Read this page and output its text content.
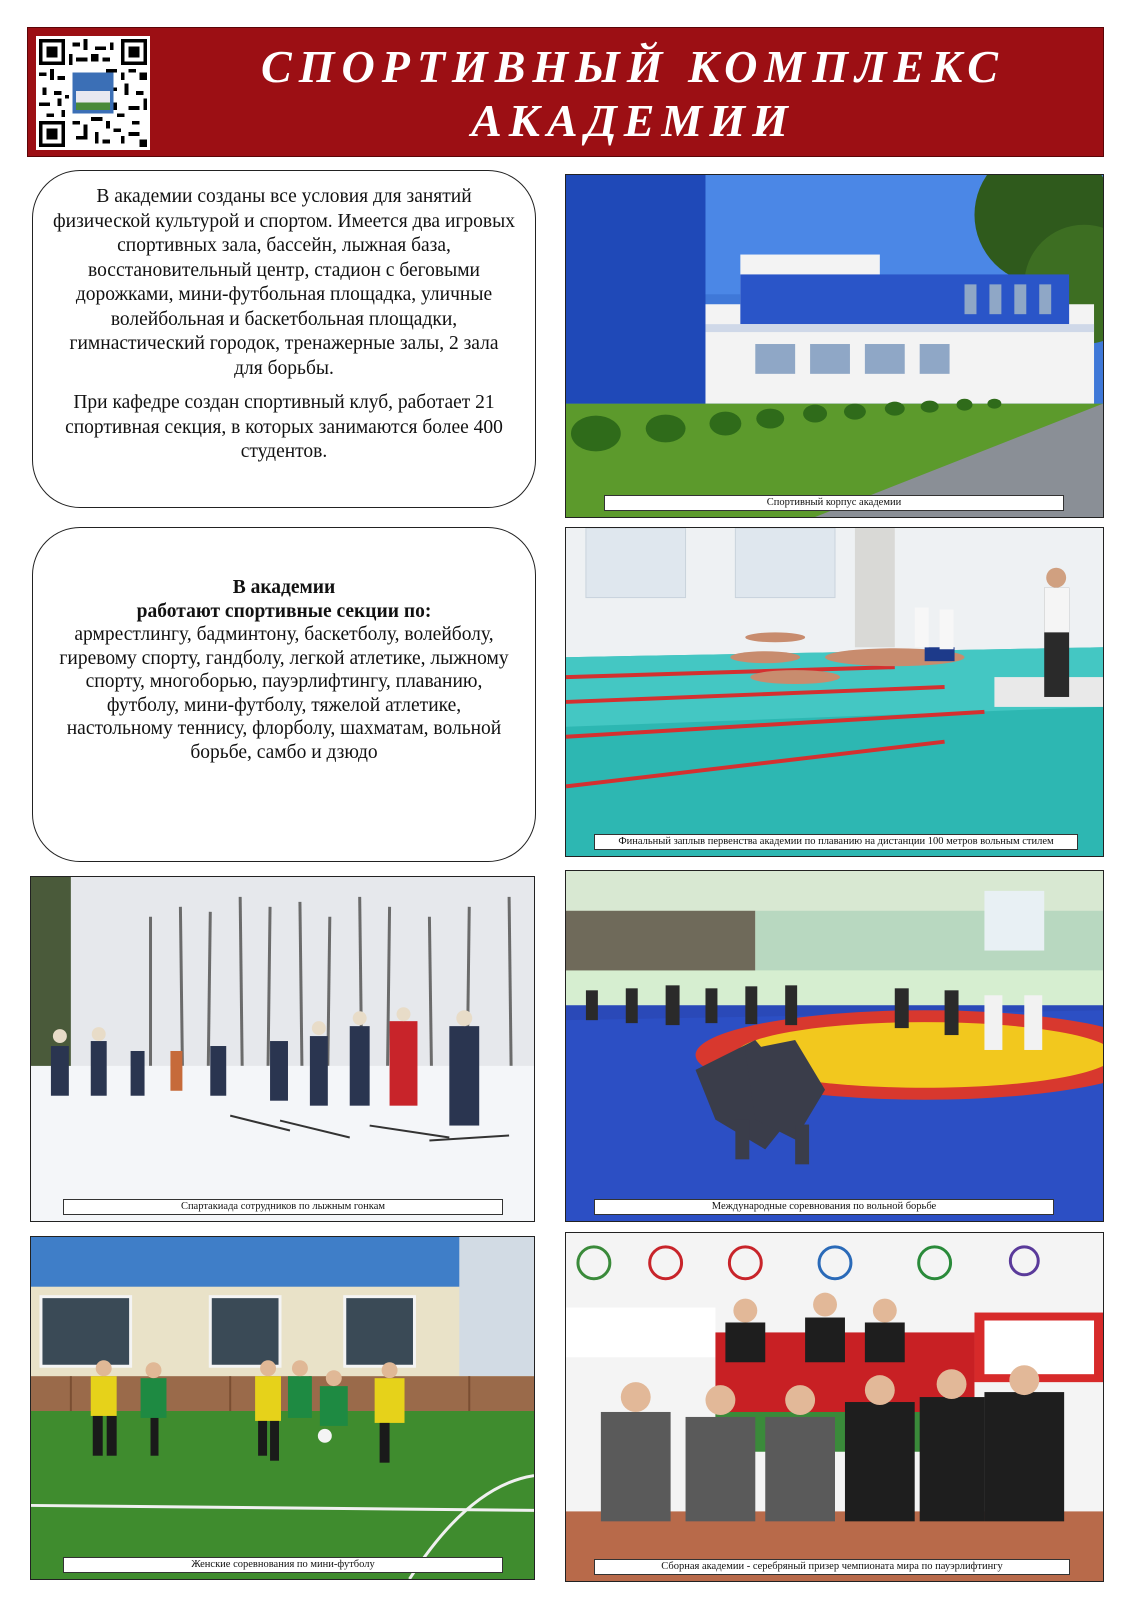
СПОРТИВНЫЙ КОМПЛЕКС
АКАДЕМИИ

В академии созданы все условия для занятий физической культурой и спортом. Имеется два игровых спортивных зала, бассейн, лыжная база, восстановительный центр, стадион с беговыми дорожками, мини-футбольная площадка, уличные волейбольная и баскетбольная площадки, гимнастический городок, тренажерные залы, 2 зала для борьбы.

При кафедре создан спортивный клуб, работает 21 спортивная секция, в которых занимаются более 400 студентов.

В академии
работают спортивные секции по:
армрестлингу, бадминтону, баскетболу, волейболу, гиревому спорту, гандболу, легкой атлетике, лыжному спорту, многоборью, пауэрлифтингу, плаванию, футболу, мини-футболу, тяжелой атлетике, настольному теннису, флорболу, шахматам, вольной борьбе, самбо и дзюдо
Спортивный корпус академии
Финальный заплыв первенства академии по плаванию на дистанции 100 метров вольным стилем
Спартакиада сотрудников по лыжным гонкам	Международные соревнования по вольной борьбе
Женские соревнования по мини-футболу	Сборная академии - серебряный призер чемпионата мира по пауэрлифтингу
